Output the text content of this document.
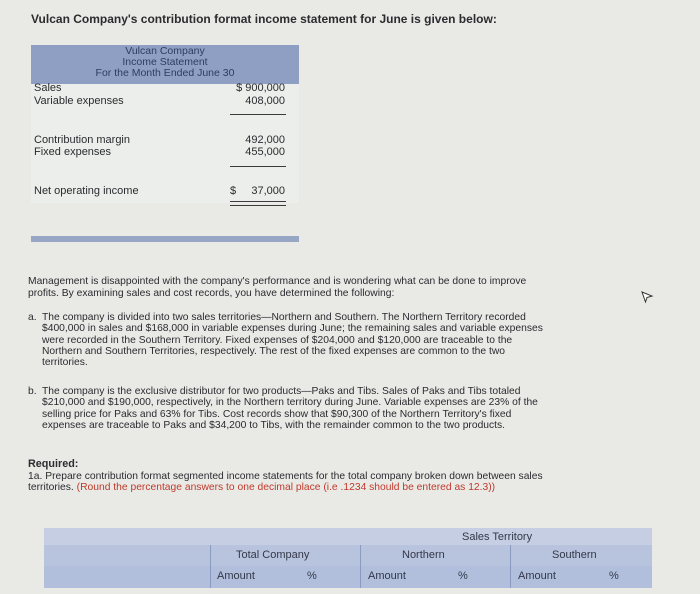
Vulcan Company's contribution format income statement for June is given below:
Vulcan Company
Income Statement
For the Month Ended June 30
Sales	$ 900,000
Variable expenses	408,000
Contribution margin	492,000
Fixed expenses	455,000
Net operating income	$	37,000
Management is disappointed with the company's performance and is wondering what can be done to improve profits. By examining sales and cost records, you have determined the following:
a. The company is divided into two sales territories—Northern and Southern. The Northern Territory recorded $400,000 in sales and $168,000 in variable expenses during June; the remaining sales and variable expenses were recorded in the Southern Territory. Fixed expenses of $204,000 and $120,000 are traceable to the Northern and Southern Territories, respectively. The rest of the fixed expenses are common to the two territories.
b. The company is the exclusive distributor for two products—Paks and Tibs. Sales of Paks and Tibs totaled $210,000 and $190,000, respectively, in the Northern territory during June. Variable expenses are 23% of the selling price for Paks and 63% for Tibs. Cost records show that $90,300 of the Northern Territory's fixed expenses are traceable to Paks and $34,200 to Tibs, with the remainder common to the two products.
Required:
1a. Prepare contribution format segmented income statements for the total company broken down between sales territories. (Round the percentage answers to one decimal place (i.e .1234 should be entered as 12.3))
Sales Territory
Total Company	Northern	Southern
Amount	%	Amount	%	Amount	%
